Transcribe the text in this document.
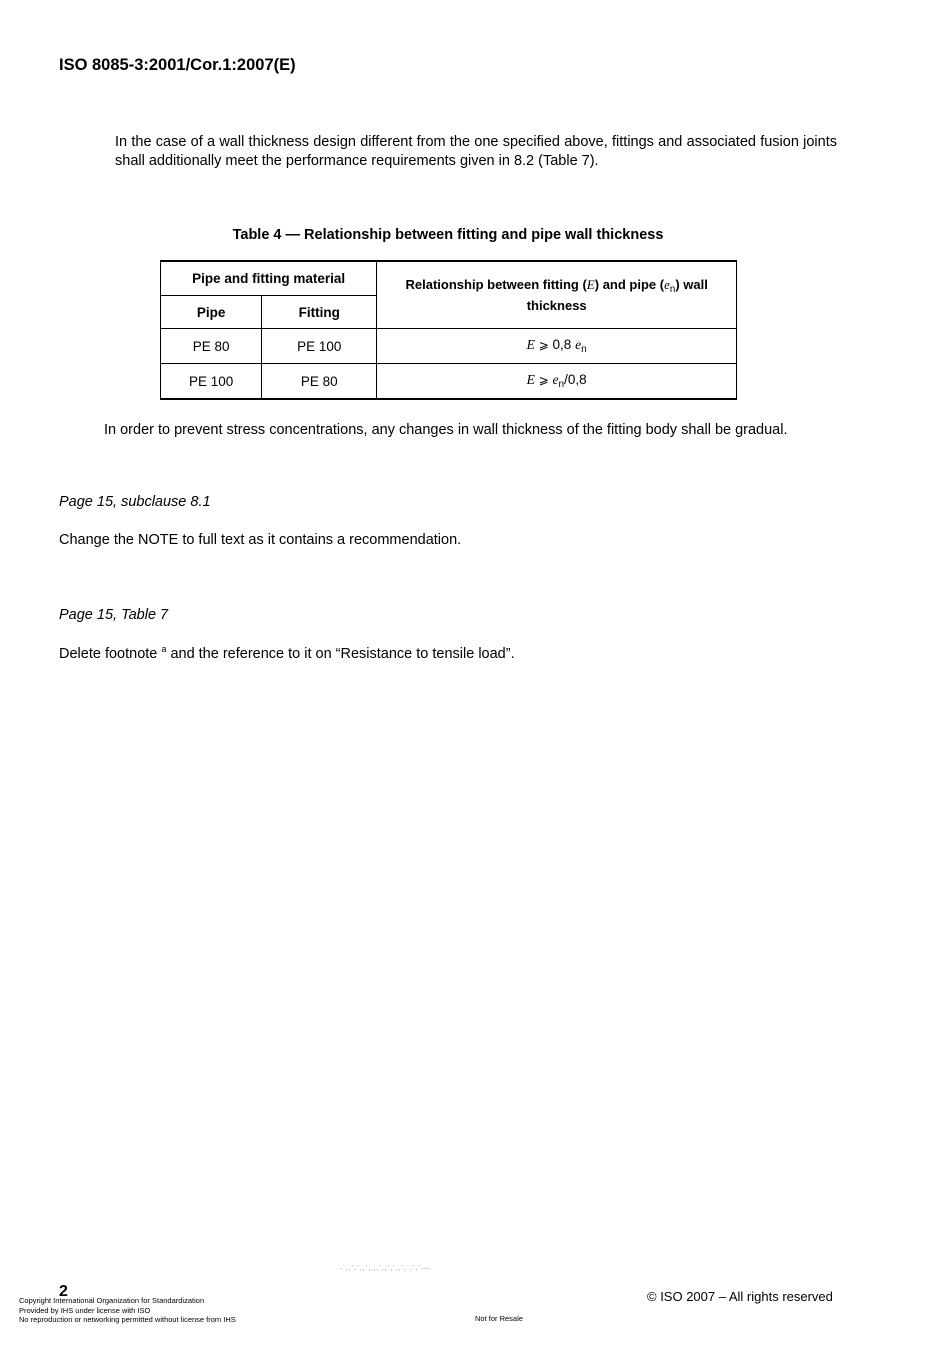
ISO 8085-3:2001/Cor.1:2007(E)
In the case of a wall thickness design different from the one specified above, fittings and associated fusion joints shall additionally meet the performance requirements given in 8.2 (Table 7).
Table 4 — Relationship between fitting and pipe wall thickness
Pipe and fitting material		Relationship between fitting (E) and pipe $(e_n)$ wall thickness
Pipe	Fitting	
PE 80	PE 100	E ⩾ 0,8 $e_n$
PE 100	PE 80	E ⩾ $e_n/0,8$
In order to prevent stress concentrations, any changes in wall thickness of the fitting body shall be gradual.
Page 15, subclause 8.1
Change the NOTE to full text as it contains a recommendation.
Page 15, Table 7
Delete footnote $^a$ and the reference to it on “Resistance to tensile load”.
-`,,`,`,,`,,,,`,,`,`,,`,`,`,`---
2
Copyright International Organization for Standardization
Provided by IHS under license with ISO
No reproduction or networking permitted without license from IHS	Not for Resale
© ISO 2007 – All rights reserved
